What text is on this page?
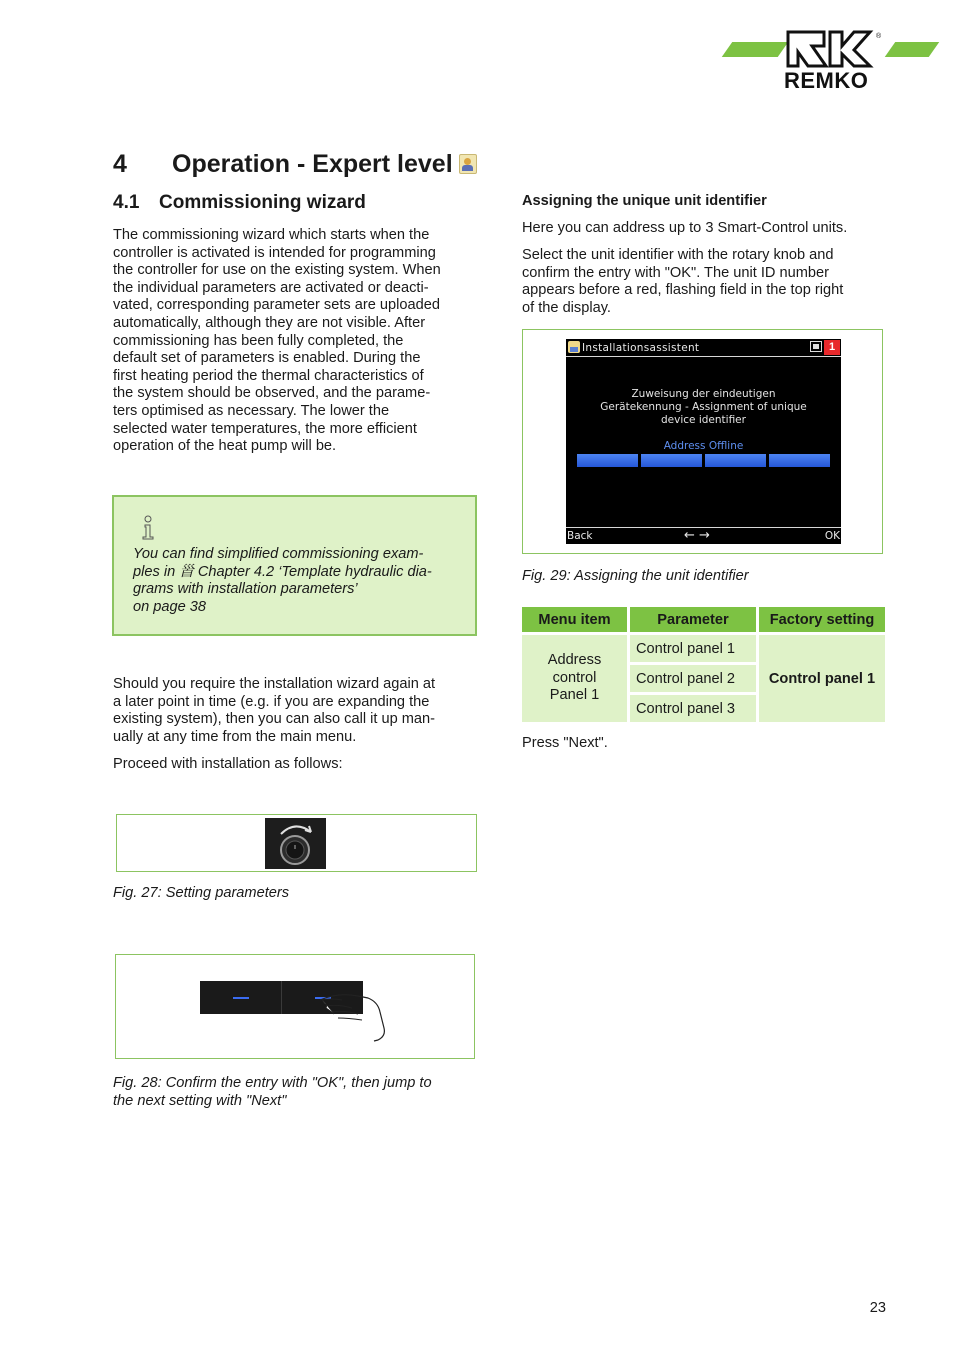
®
REMKO
4 Operation - Expert level
4.1 Commissioning wizard
The commissioning wizard which starts when the
controller is activated is intended for programming
the controller for use on the existing system. When
the individual parameters are activated or deacti-
vated, corresponding parameter sets are uploaded
automatically, although they are not visible. After
commissioning has been fully completed, the
default set of parameters is enabled. During the
first heating period the thermal characteristics of
the system should be observed, and the parame-
ters optimised as necessary. The lower the
selected water temperatures, the more efficient
operation of the heat pump will be.
You can find simplified commissioning exam-
ples in ⻡ Chapter 4.2 ‘Template hydraulic dia-
grams with installation parameters’
on page 38
Should you require the installation wizard again at
a later point in time (e.g. if you are expanding the
existing system), then you can also call it up man-
ually at any time from the main menu.
Proceed with installation as follows:
Fig. 27: Setting parameters
Fig. 28: Confirm the entry with "OK", then jump to
the next setting with "Next"
Assigning the unique unit identifier
Here you can address up to 3 Smart-Control units.
Select the unit identifier with the rotary knob and
confirm the entry with "OK". The unit ID number
appears before a red, flashing field in the top right
of the display.
Installationsassistent	1
Zuweisung der eindeutigen
Gerätekennung - Assignment of unique
device identifier
Address Offline
Back	← →	OK
Fig. 29: Assigning the unit identifier
Menu item	Parameter	Factory setting

Address
control
Panel 1	Control panel 1	Control panel 1
	Control panel 2	
	Control panel 3	
Press "Next".
23
